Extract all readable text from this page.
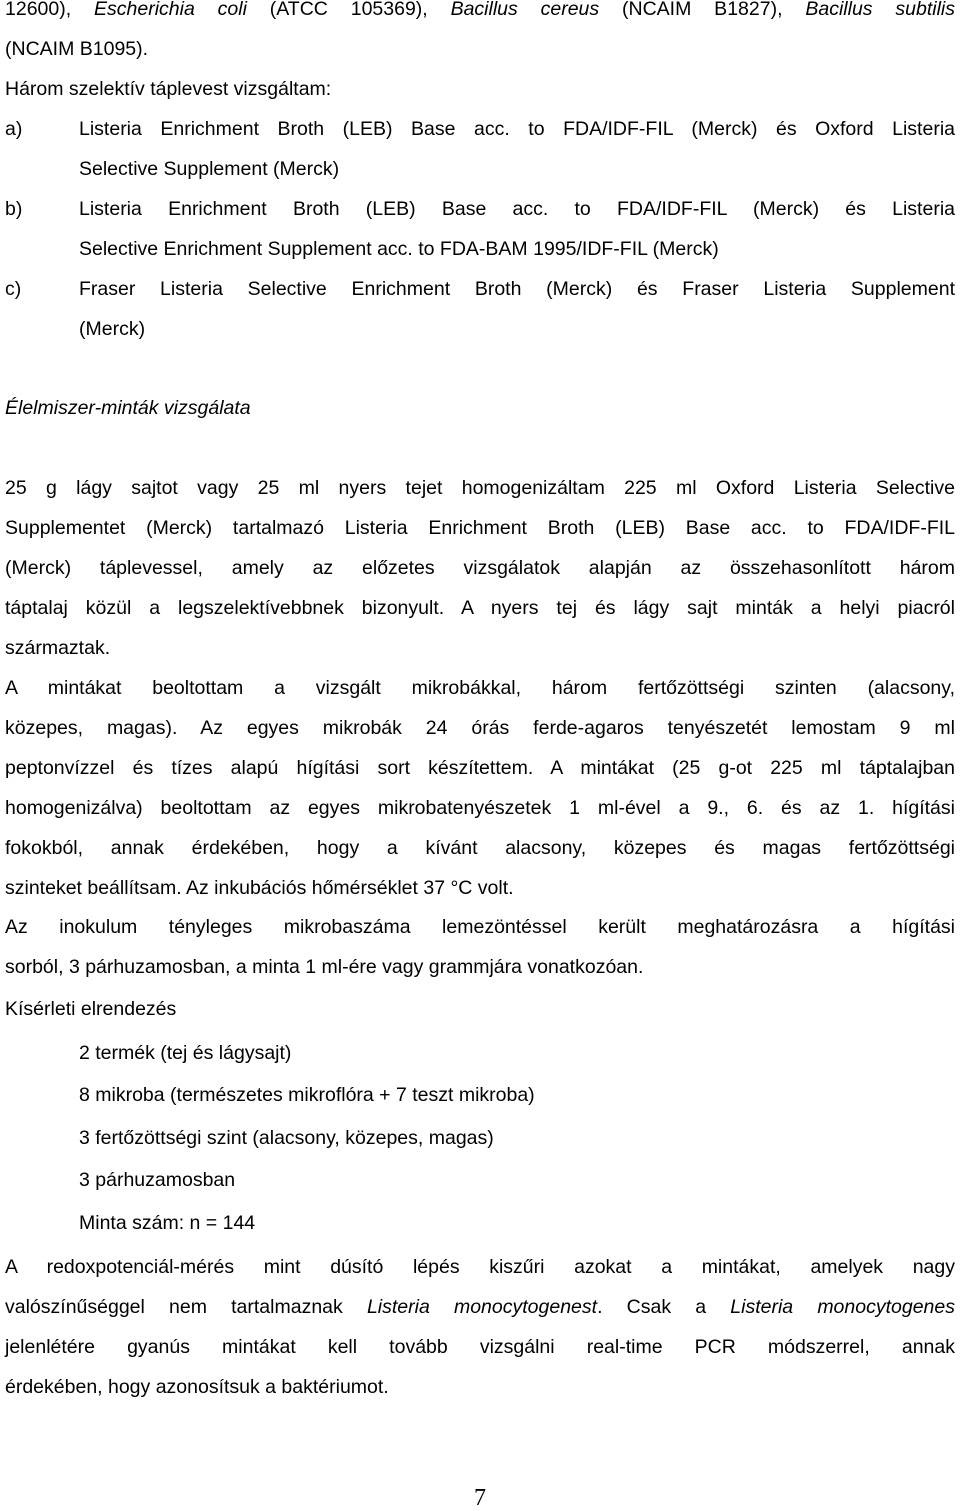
12600), Escherichia coli (ATCC 105369), Bacillus cereus (NCAIM B1827), Bacillus subtilis
(NCAIM B1095).
Három szelektív táplevest vizsgáltam:
a)	Listeria Enrichment Broth (LEB) Base acc. to FDA/IDF-FIL (Merck) és Oxford Listeria
Selective Supplement (Merck)
b)	Listeria Enrichment Broth (LEB) Base acc. to FDA/IDF-FIL (Merck) és Listeria
Selective Enrichment Supplement acc. to FDA-BAM 1995/IDF-FIL (Merck)
c)	Fraser Listeria Selective Enrichment Broth (Merck) és Fraser Listeria Supplement
(Merck)
Élelmiszer-minták vizsgálata
25 g lágy sajtot vagy 25 ml nyers tejet homogenizáltam 225 ml Oxford Listeria Selective
Supplementet (Merck) tartalmazó Listeria Enrichment Broth (LEB) Base acc. to FDA/IDF-FIL
(Merck) táplevessel, amely az előzetes vizsgálatok alapján az összehasonlított három
táptalaj közül a legszelektívebbnek bizonyult. A nyers tej és lágy sajt minták a helyi piacról
származtak.
A mintákat beoltottam a vizsgált mikrobákkal, három fertőzöttségi szinten (alacsony,
közepes, magas). Az egyes mikrobák 24 órás ferde-agaros tenyészetét lemostam 9 ml
peptonvízzel és tízes alapú hígítási sort készítettem. A mintákat (25 g-ot 225 ml táptalajban
homogenizálva) beoltottam az egyes mikrobatenyészetek 1 ml-ével a 9., 6. és az 1. hígítási
fokokból, annak érdekében, hogy a kívánt alacsony, közepes és magas fertőzöttségi
szinteket beállítsam. Az inkubációs hőmérséklet 37 °C volt.
Az inokulum tényleges mikrobaszáma lemezöntéssel került meghatározásra a hígítási
sorból, 3 párhuzamosban, a minta 1 ml-ére vagy grammjára vonatkozóan.
Kísérleti elrendezés
2 termék (tej és lágysajt)
8 mikroba (természetes mikroflóra + 7 teszt mikroba)
3 fertőzöttségi szint (alacsony, közepes, magas)
3 párhuzamosban
Minta szám: n = 144
A redoxpotenciál-mérés mint dúsító lépés kiszűri azokat a mintákat, amelyek nagy
valószínűséggel nem tartalmaznak Listeria monocytogenest. Csak a Listeria monocytogenes
jelenlétére gyanús mintákat kell tovább vizsgálni real-time PCR módszerrel, annak
érdekében, hogy azonosítsuk a baktériumot.
7
